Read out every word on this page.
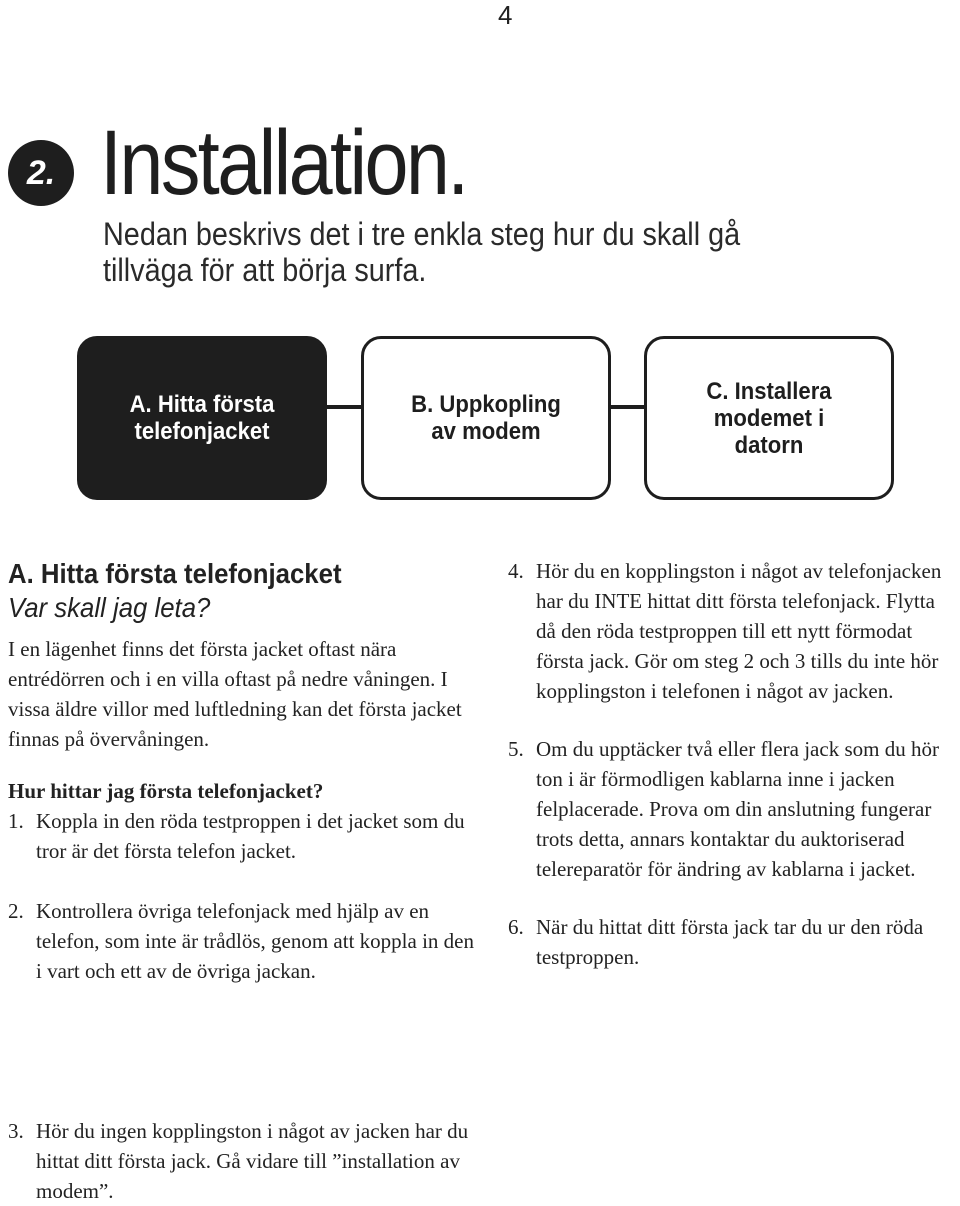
4
2. Installation.

Nedan beskrivs det i tre enkla steg hur du skall gå tillväga för att börja surfa.

A. Hitta första telefonjacket
B. Uppkopling av modem
C. Installera modemet i datorn
A. Hitta första telefonjacket

Var skall jag leta?

I en lägenhet finns det första jacket oftast nära entrédörren och i en villa oftast på nedre våningen. I vissa äldre villor med luftledning kan det första jacket finnas på övervåningen.

Hur hittar jag första telefonjacket?

1. Koppla in den röda testproppen i det jacket som du tror är det första telefon jacket.

2. Kontrollera övriga telefonjack med hjälp av en telefon, som inte är trådlös, genom att koppla in den i vart och ett av de övriga jackan.

3. Hör du ingen kopplingston i något av jacken har du hittat ditt första jack. Gå vidare till ”installation av modem”.

4. Hör du en kopplingston i något av telefonjacken har du INTE hittat ditt första telefonjack. Flytta då den röda testproppen till ett nytt förmodat första jack. Gör om steg 2 och 3 tills du inte hör kopplingston i telefonen i något av jacken.

5. Om du upptäcker två eller flera jack som du hör ton i är förmodligen kablarna inne i jacken felplacerade. Prova om din anslutning fungerar trots detta, annars kontaktar du auktoriserad telereparatör för ändring av kablarna i jacket.

6. När du hittat ditt första jack tar du ur den röda testproppen.
